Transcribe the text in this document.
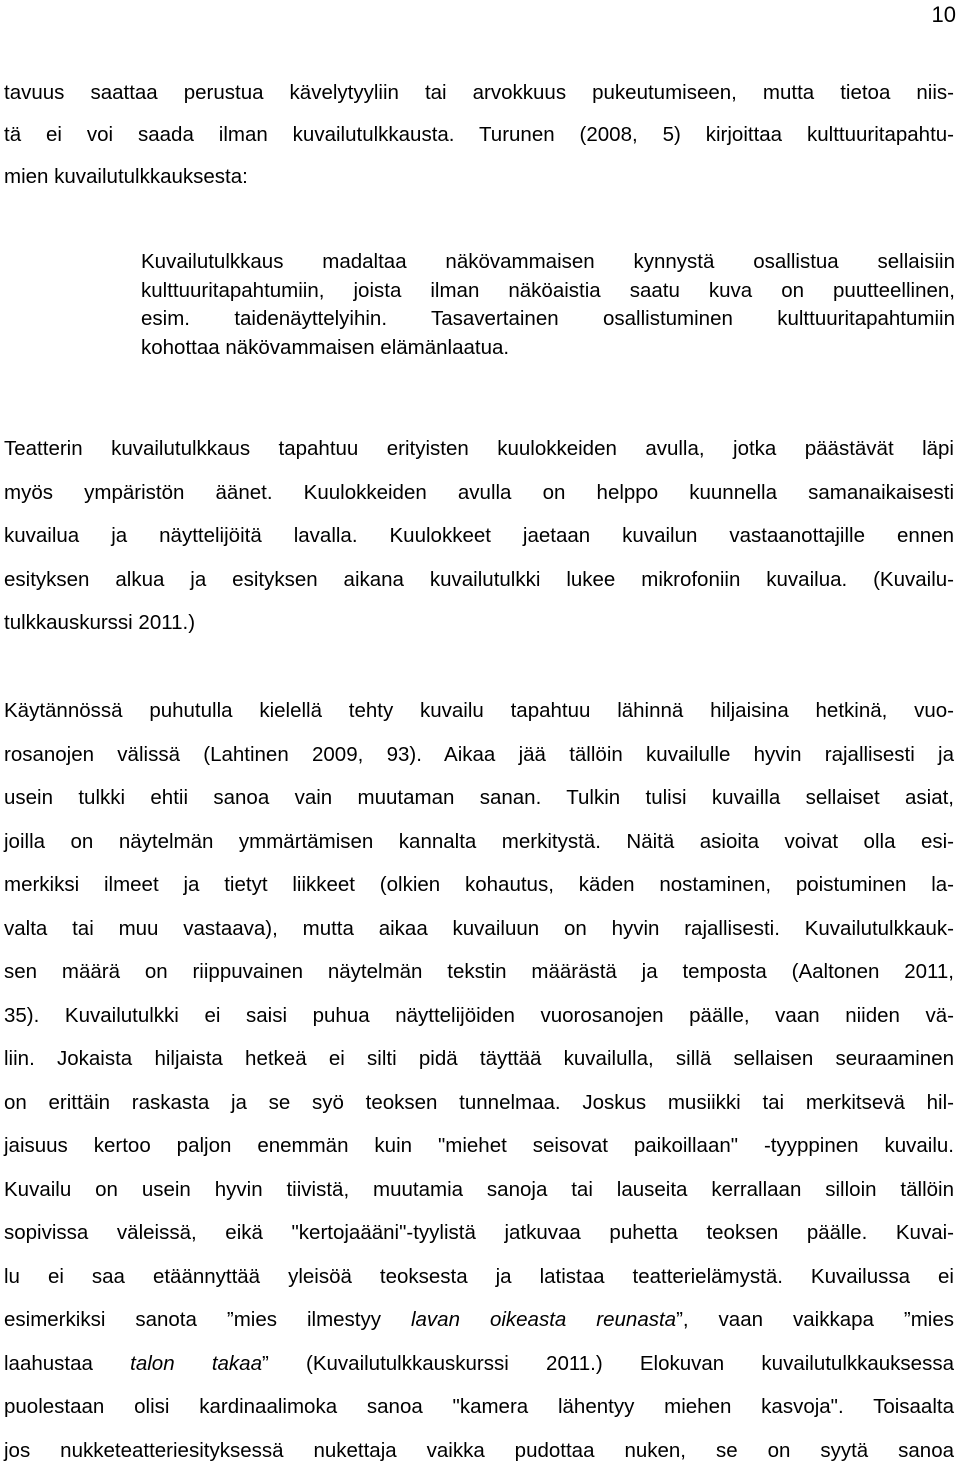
10
tavuus saattaa perustua kävelytyyliin tai arvokkuus pukeutumiseen, mutta tietoa niis-
tä ei voi saada ilman kuvailutulkkausta. Turunen (2008, 5) kirjoittaa kulttuuritapahtu-
mien kuvailutulkkauksesta:
Kuvailutulkkaus madaltaa näkövammaisen kynnystä osallistua sellaisiin
kulttuuritapahtumiin, joista ilman näköaistia saatu kuva on puutteellinen,
esim. taidenäyttelyihin. Tasavertainen osallistuminen kulttuuritapahtumiin
kohottaa näkövammaisen elämänlaatua.
Teatterin kuvailutulkkaus tapahtuu erityisten kuulokkeiden avulla, jotka päästävät läpi
myös ympäristön äänet. Kuulokkeiden avulla on helppo kuunnella samanaikaisesti
kuvailua ja näyttelijöitä lavalla. Kuulokkeet jaetaan kuvailun vastaanottajille ennen
esityksen alkua ja esityksen aikana kuvailutulkki lukee mikrofoniin kuvailua. (Kuvailu-
tulkkauskurssi 2011.)
Käytännössä puhutulla kielellä tehty kuvailu tapahtuu lähinnä hiljaisina hetkinä, vuo-
rosanojen välissä (Lahtinen 2009, 93). Aikaa jää tällöin kuvailulle hyvin rajallisesti ja
usein tulkki ehtii sanoa vain muutaman sanan. Tulkin tulisi kuvailla sellaiset asiat,
joilla on näytelmän ymmärtämisen kannalta merkitystä. Näitä asioita voivat olla esi-
merkiksi ilmeet ja tietyt liikkeet (olkien kohautus, käden nostaminen, poistuminen la-
valta tai muu vastaava), mutta aikaa kuvailuun on hyvin rajallisesti. Kuvailutulkkauk-
sen määrä on riippuvainen näytelmän tekstin määrästä ja temposta (Aaltonen 2011,
35). Kuvailutulkki ei saisi puhua näyttelijöiden vuorosanojen päälle, vaan niiden vä-
liin. Jokaista hiljaista hetkeä ei silti pidä täyttää kuvailulla, sillä sellaisen seuraaminen
on erittäin raskasta ja se syö teoksen tunnelmaa. Joskus musiikki tai merkitsevä hil-
jaisuus kertoo paljon enemmän kuin "miehet seisovat paikoillaan" -tyyppinen kuvailu.
Kuvailu on usein hyvin tiivistä, muutamia sanoja tai lauseita kerrallaan silloin tällöin
sopivissa väleissä, eikä "kertojaääni"-tyylistä jatkuvaa puhetta teoksen päälle. Kuvai-
lu ei saa etäännyttää yleisöä teoksesta ja latistaa teatterielämystä. Kuvailussa ei
esimerkiksi sanota ”mies ilmestyy lavan oikeasta reunasta”, vaan vaikkapa ”mies
laahustaa talon takaa” (Kuvailutulkkauskurssi 2011.) Elokuvan kuvailutulkkauksessa
puolestaan olisi kardinaalimoka sanoa "kamera lähentyy miehen kasvoja". Toisaalta
jos nukketeatteriesityksessä nukettaja vaikka pudottaa nuken, se on syytä sanoa
